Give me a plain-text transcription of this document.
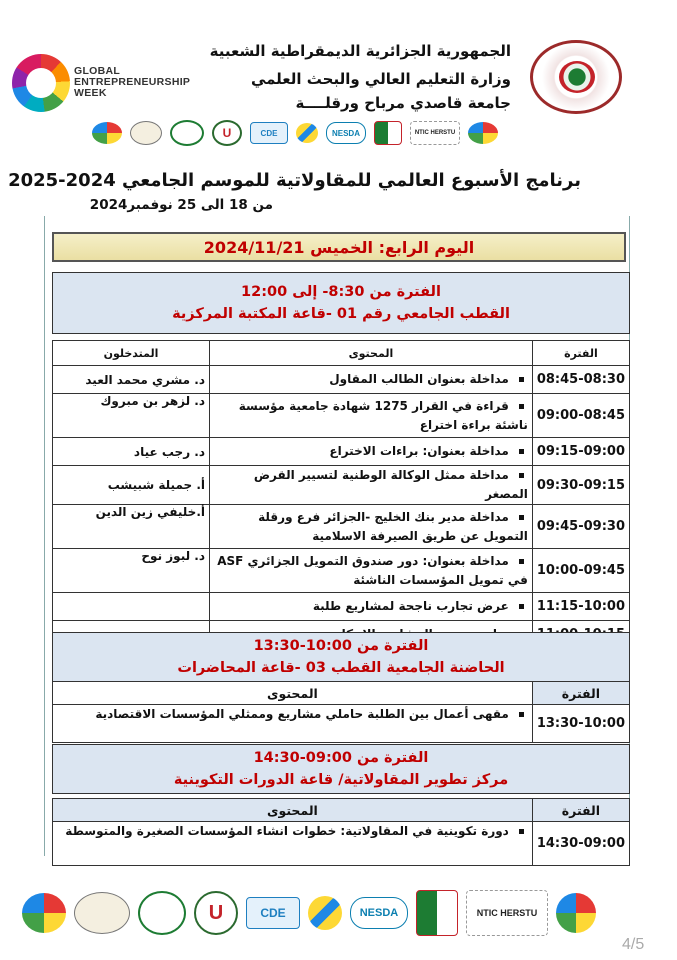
GLOBAL
ENTREPRENEURSHIP
WEEK
الجمهورية الجزائرية الديمقراطية الشعبية
وزارة التعليم العالي والبحث العلمي
جامعة قاصدي مرباح ورقلــــة
U	CDE	NESDA	NTIC HERSTU
برنامج الأسبوع العالمي للمقاولاتية للموسم الجامعي 2024-2025
من 18 الى 25 نوفمبر2024
اليوم الرابع: الخميس 2024/11/21
الفترة من 8:30- إلى 12:00
القطب الجامعي رقم 01 -قاعة المكتبة المركزية		

الفترة	المحتوى	المتدخلون
08:45-08:30	مداخلة بعنوان الطالب المقاول	د. مشري محمد العيد
09:00-08:45	قراءة في القرار 1275 شهادة جامعية مؤسسة ناشئة براءة اختراع	د. لزهر بن مبروك
09:15-09:00	مداخلة بعنوان: براءات الاختراع	د. رجب عياد
09:30-09:15	مداخلة ممثل الوكالة الوطنية لتسيير القرض المصغر	أ. جميلة شبيشب
09:45-09:30	مداخلة مدير بنك الخليج -الجزائر فرع ورقلة التمويل عن طريق الصيرفة الاسلامية	أ.خليفي زين الدين
10:00-09:45	مداخلة بعنوان: دور صندوق التمويل الجزائري ASF في تمويل المؤسسات الناشئة	د. لبوز نوح
11:15-10:00	عرض تجارب ناجحة لمشاريع طلبة	

الفترة من 10:00-13:30
الحاضنة الجامعية القطب 03 -قاعة المحاضرات	

الفترة	المحتوى
13:30-10:00	مقهى أعمال بين الطلبة حاملي مشاريع وممثلي المؤسسات الاقتصادية
الفترة من 09:00-14:30
مركز تطوير المقاولاتية/ قاعة الدورات التكوينية	

الفترة	المحتوى
14:30-09:00	دورة تكوينية في المقاولاتية: خطوات انشاء المؤسسات الصغيرة والمتوسطة
U	CDE	NESDA	NTIC HERSTU
4/5
